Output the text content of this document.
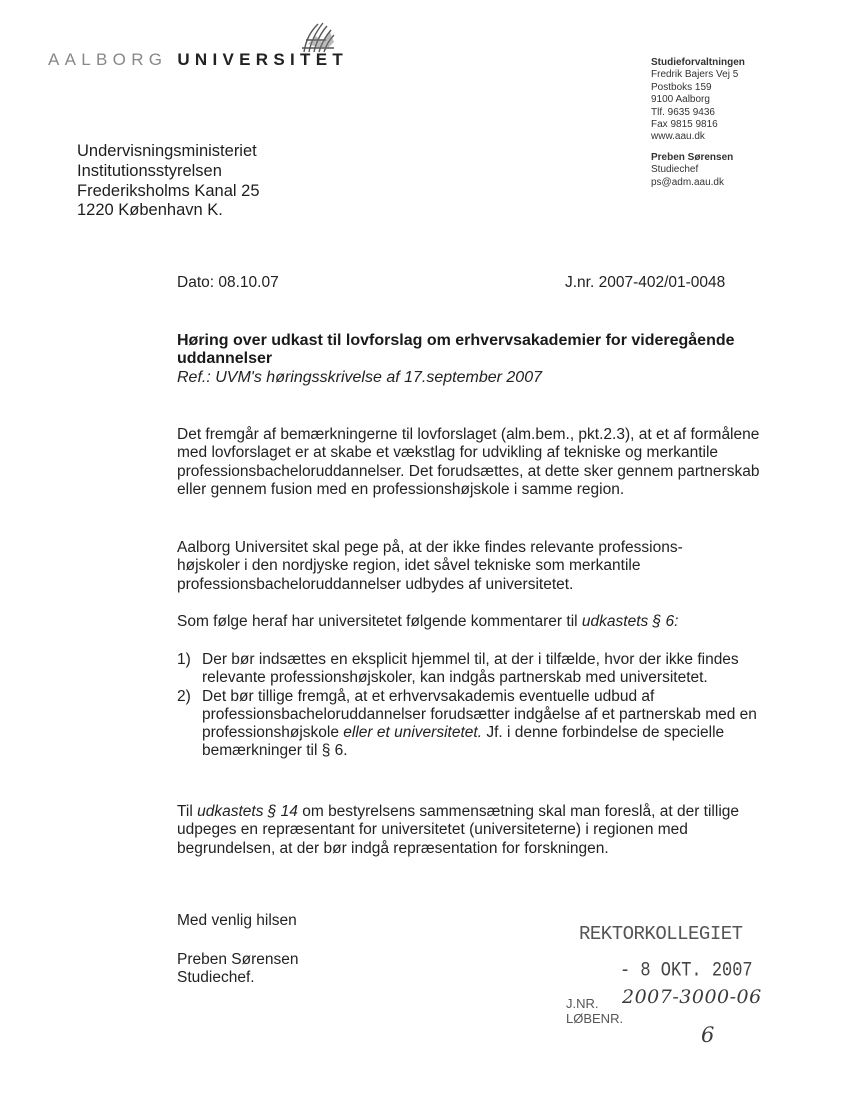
AALBORG UNIVERSITET	Studieforvaltningen
Fredrik Bajers Vej 5
Postboks 159
9100 Aalborg
Tlf. 9635 9436
Fax 9815 9816
www.aau.dk
Preben Sørensen
Studiechef
ps@adm.aau.dk
Undervisningsministeriet
Institutionsstyrelsen
Frederiksholms Kanal 25
1220 København K.
Dato: 08.10.07	J.nr. 2007-402/01-0048
Høring over udkast til lovforslag om erhvervsakademier for videregående uddannelser
Ref.: UVM's høringsskrivelse af 17.september 2007
Det fremgår af bemærkningerne til lovforslaget (alm.bem., pkt.2.3), at et af formålene med lovforslaget er at skabe et vækstlag for udvikling af tekniske og merkantile professionsbacheloruddannelser. Det forudsættes, at dette sker gennem partnerskab eller gennem fusion med en professionshøjskole i samme region.
Aalborg Universitet skal pege på, at der ikke findes relevante professions-
højskoler i den nordjyske region, idet såvel tekniske som merkantile
professionsbacheloruddannelser udbydes af universitetet.
Som følge heraf har universitetet følgende kommentarer til udkastets § 6:
1) Der bør indsættes en eksplicit hjemmel til, at der i tilfælde, hvor der ikke findes relevante professionshøjskoler, kan indgås partnerskab med universitetet.
2) Det bør tillige fremgå, at et erhvervsakademis eventuelle udbud af professionsbacheloruddannelser forudsætter indgåelse af et partnerskab med en professionshøjskole eller et universitetet. Jf. i denne forbindelse de specielle bemærkninger til § 6.
Til udkastets § 14 om bestyrelsens sammensætning skal man foreslå, at der tillige udpeges en repræsentant for universitetet (universiteterne) i regionen med begrundelsen, at der bør indgå repræsentation for forskningen.
Med venlig hilsen
Preben Sørensen
Studiechef.
REKTORKOLLEGIET
- 8 OKT. 2007
J.NR. 2007-3000-06
LØBENR.
6
